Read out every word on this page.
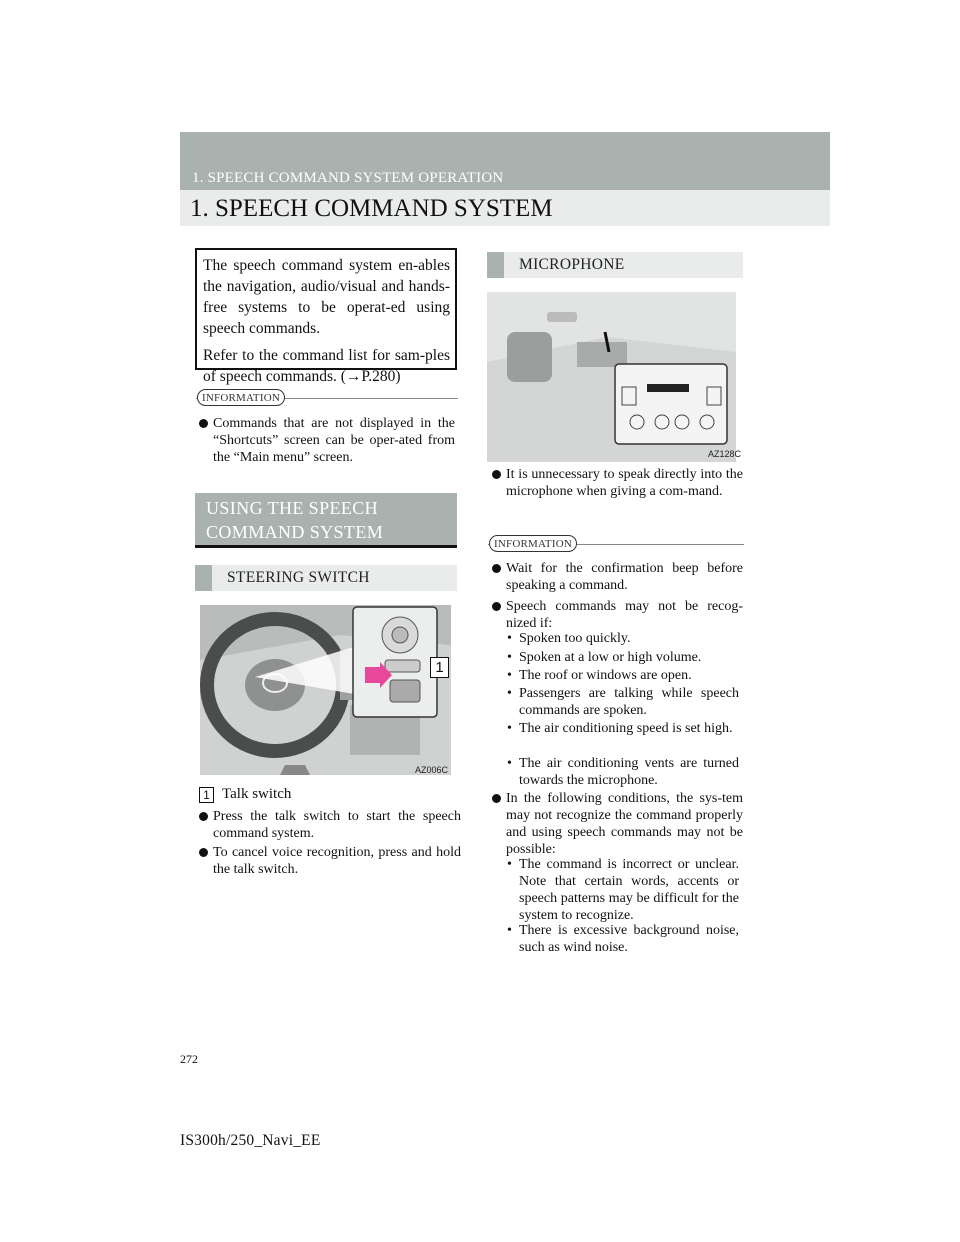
1. SPEECH COMMAND SYSTEM OPERATION
1. SPEECH COMMAND SYSTEM

The speech command system en-ables the navigation, audio/visual and hands-free systems to be operat-ed using speech commands.

Refer to the command list for sam-ples of speech commands. (→P.280)

INFORMATION
Commands that are not displayed in the “Shortcuts” screen can be oper-ated from the “Main menu” screen.
USING THE SPEECH
COMMAND SYSTEM
STEERING SWITCH
1
AZ006C
1 Talk switch
Press the talk switch to start the speech command system.
To cancel voice recognition, press and hold the talk switch.
MICROPHONE
AZ128C
It is unnecessary to speak directly into the microphone when giving a com-mand.
INFORMATION
Wait for the confirmation beep before speaking a command.
Speech commands may not be recog-nized if:
• Spoken too quickly.
• Spoken at a low or high volume.
• The roof or windows are open.
• Passengers are talking while speech commands are spoken.
• The air conditioning speed is set high.
• The air conditioning vents are turned towards the microphone.
In the following conditions, the sys-tem may not recognize the command properly and using speech commands may not be possible:
• The command is incorrect or unclear. Note that certain words, accents or speech patterns may be difficult for the system to recognize.
• There is excessive background noise, such as wind noise.
272
IS300h/250_Navi_EE
